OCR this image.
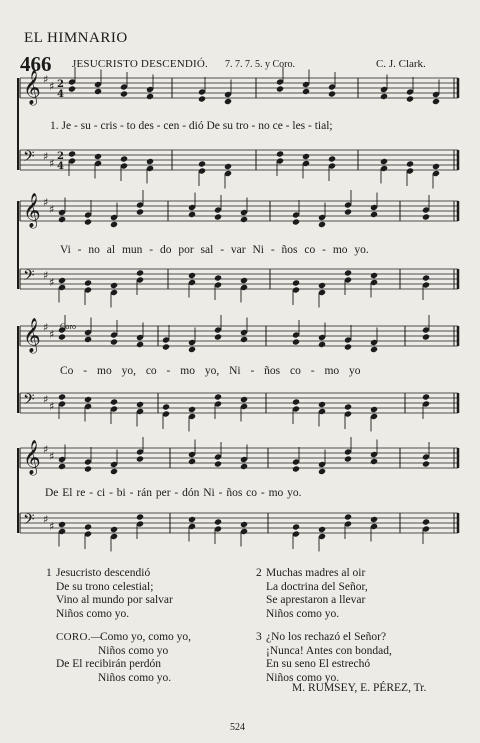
EL HIMNARIO
466 JESUCRISTO DESCENDIÓ. 7. 7. 7. 5. y Coro.	C. J. Clark.
𝄞 ♯
♯ 2
4
𝄢 ♯
♯
2
4
𝄞 ♯
♯
𝄢 ♯
♯
𝄞 ♯
♯
𝄢 ♯
♯
𝄞 ♯
♯
𝄢 ♯
♯
1. Je - su - cris - to des - cen - dió De su tro - no ce - les - tial;
Vi - no al mun - do por sal - var Ni - ños co - mo yo.
Coro
Co - mo yo, co - mo yo, Ni - ños co - mo yo
De El re - ci - bi - rán per - dón Ni - ños co - mo yo.
1 Jesucristo descendió
De su trono celestial;
Vino al mundo por salvar
Niños como yo.
2 Muchas madres al oir
La doctrina del Señor,
Se aprestaron a llevar
Niños como yo.
CORO.—
Como yo, como yo,
Niños como yo
De El recibirán perdón
Niños como yo.
3 ¿No los rechazó el Señor?
¡Nunca! Antes con bondad,
En su seno El estrechó
Niños como yo.
M. RUMSEY, E. PÉREZ, Tr.
524
